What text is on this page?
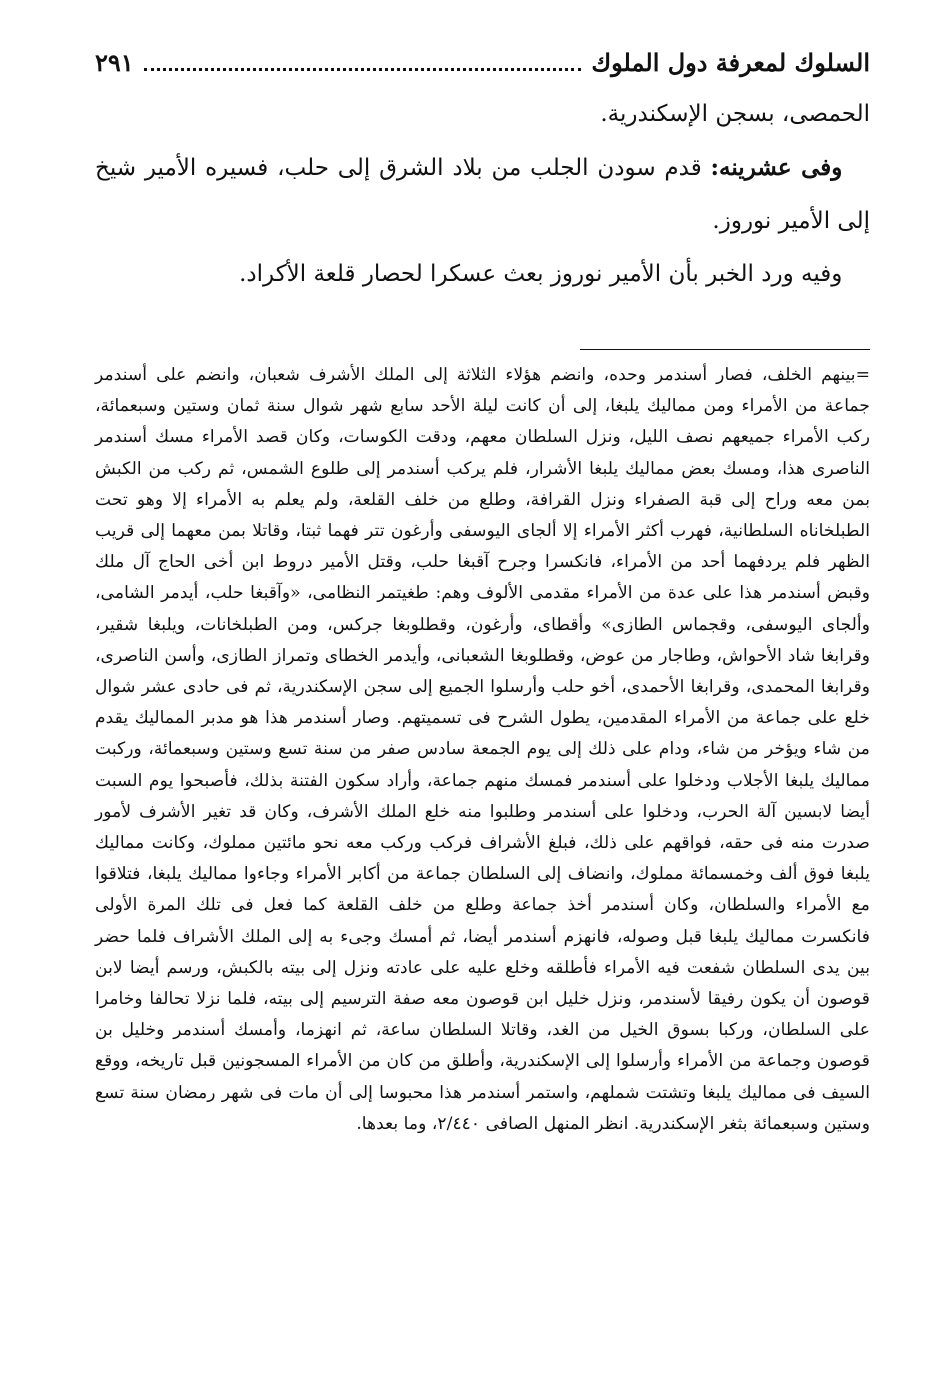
السلوك لمعرفة دول الملوك
٢٩١

الحمصى، بسجن الإسكندرية.

وفى عشرينه: قدم سودن الجلب من بلاد الشرق إلى حلب، فسيره الأمير شيخ إلى الأمير نوروز.

وفيه ورد الخبر بأن الأمير نوروز بعث عسكرا لحصار قلعة الأكراد.

=بينهم الخلف، فصار أسندمر وحده، وانضم هؤلاء الثلاثة إلى الملك الأشرف شعبان، وانضم على أسندمر جماعة من الأمراء ومن مماليك يلبغا، إلى أن كانت ليلة الأحد سابع شهر شوال سنة ثمان وستين وسبعمائة، ركب الأمراء جميعهم نصف الليل، ونزل السلطان معهم، ودقت الكوسات، وكان قصد الأمراء مسك أسندمر الناصرى هذا، ومسك بعض مماليك يلبغا الأشرار، فلم يركب أسندمر إلى طلوع الشمس، ثم ركب من الكبش بمن معه وراح إلى قبة الصفراء ونزل القرافة، وطلع من خلف القلعة، ولم يعلم به الأمراء إلا وهو تحت الطبلخاناه السلطانية، فهرب أكثر الأمراء إلا ألجاى اليوسفى وأرغون تتر فهما ثبتا، وقاتلا بمن معهما إلى قريب الظهر فلم يردفهما أحد من الأمراء، فانكسرا وجرح آقبغا حلب، وقتل الأمير دروط ابن أخى الحاج آل ملك وقبض أسندمر هذا على عدة من الأمراء مقدمى الألوف وهم: طغيتمر النظامى، «وآقبغا حلب، أيدمر الشامى، وألجاى اليوسفى، وقجماس الطازى» وأقطاى، وأرغون، وقطلوبغا جركس، ومن الطبلخانات، ويلبغا شقير، وقرابغا شاد الأحواش، وطاجار من عوض، وقطلوبغا الشعبانى، وأيدمر الخطاى وتمراز الطازى، وأسن الناصرى، وقرابغا المحمدى، وقرابغا الأحمدى، أخو حلب وأرسلوا الجميع إلى سجن الإسكندرية، ثم فى حادى عشر شوال خلع على جماعة من الأمراء المقدمين، يطول الشرح فى تسميتهم. وصار أسندمر هذا هو مدبر المماليك يقدم من شاء ويؤخر من شاء، ودام على ذلك إلى يوم الجمعة سادس صفر من سنة تسع وستين وسبعمائة، وركبت مماليك يلبغا الأجلاب ودخلوا على أسندمر فمسك منهم جماعة، وأراد سكون الفتنة بذلك، فأصبحوا يوم السبت أيضا لابسين آلة الحرب، ودخلوا على أسندمر وطلبوا منه خلع الملك الأشرف، وكان قد تغير الأشرف لأمور صدرت منه فى حقه، فواقهم على ذلك، فبلغ الأشراف فركب وركب معه نحو مائتين مملوك، وكانت مماليك يلبغا فوق ألف وخمسمائة مملوك، وانضاف إلى السلطان جماعة من أكابر الأمراء وجاءوا مماليك يلبغا، فتلاقوا مع الأمراء والسلطان، وكان أسندمر أخذ جماعة وطلع من خلف القلعة كما فعل فى تلك المرة الأولى فانكسرت مماليك يلبغا قبل وصوله، فانهزم أسندمر أيضا، ثم أمسك وجىء به إلى الملك الأشراف فلما حضر بين يدى السلطان شفعت فيه الأمراء فأطلقه وخلع عليه على عادته ونزل إلى بيته بالكبش، ورسم أيضا لابن قوصون أن يكون رفيقا لأسندمر، ونزل خليل ابن قوصون معه صفة الترسيم إلى بيته، فلما نزلا تحالفا وخامرا على السلطان، وركبا بسوق الخيل من الغد، وقاتلا السلطان ساعة، ثم انهزما، وأمسك أسندمر وخليل بن قوصون وجماعة من الأمراء وأرسلوا إلى الإسكندرية، وأطلق من كان من الأمراء المسجونين قبل تاريخه، ووقع السيف فى مماليك يلبغا وتشتت شملهم، واستمر أسندمر هذا محبوسا إلى أن مات فى شهر رمضان سنة تسع وستين وسبعمائة بثغر الإسكندرية. انظر المنهل الصافى ٢/٤٤٠، وما بعدها.
